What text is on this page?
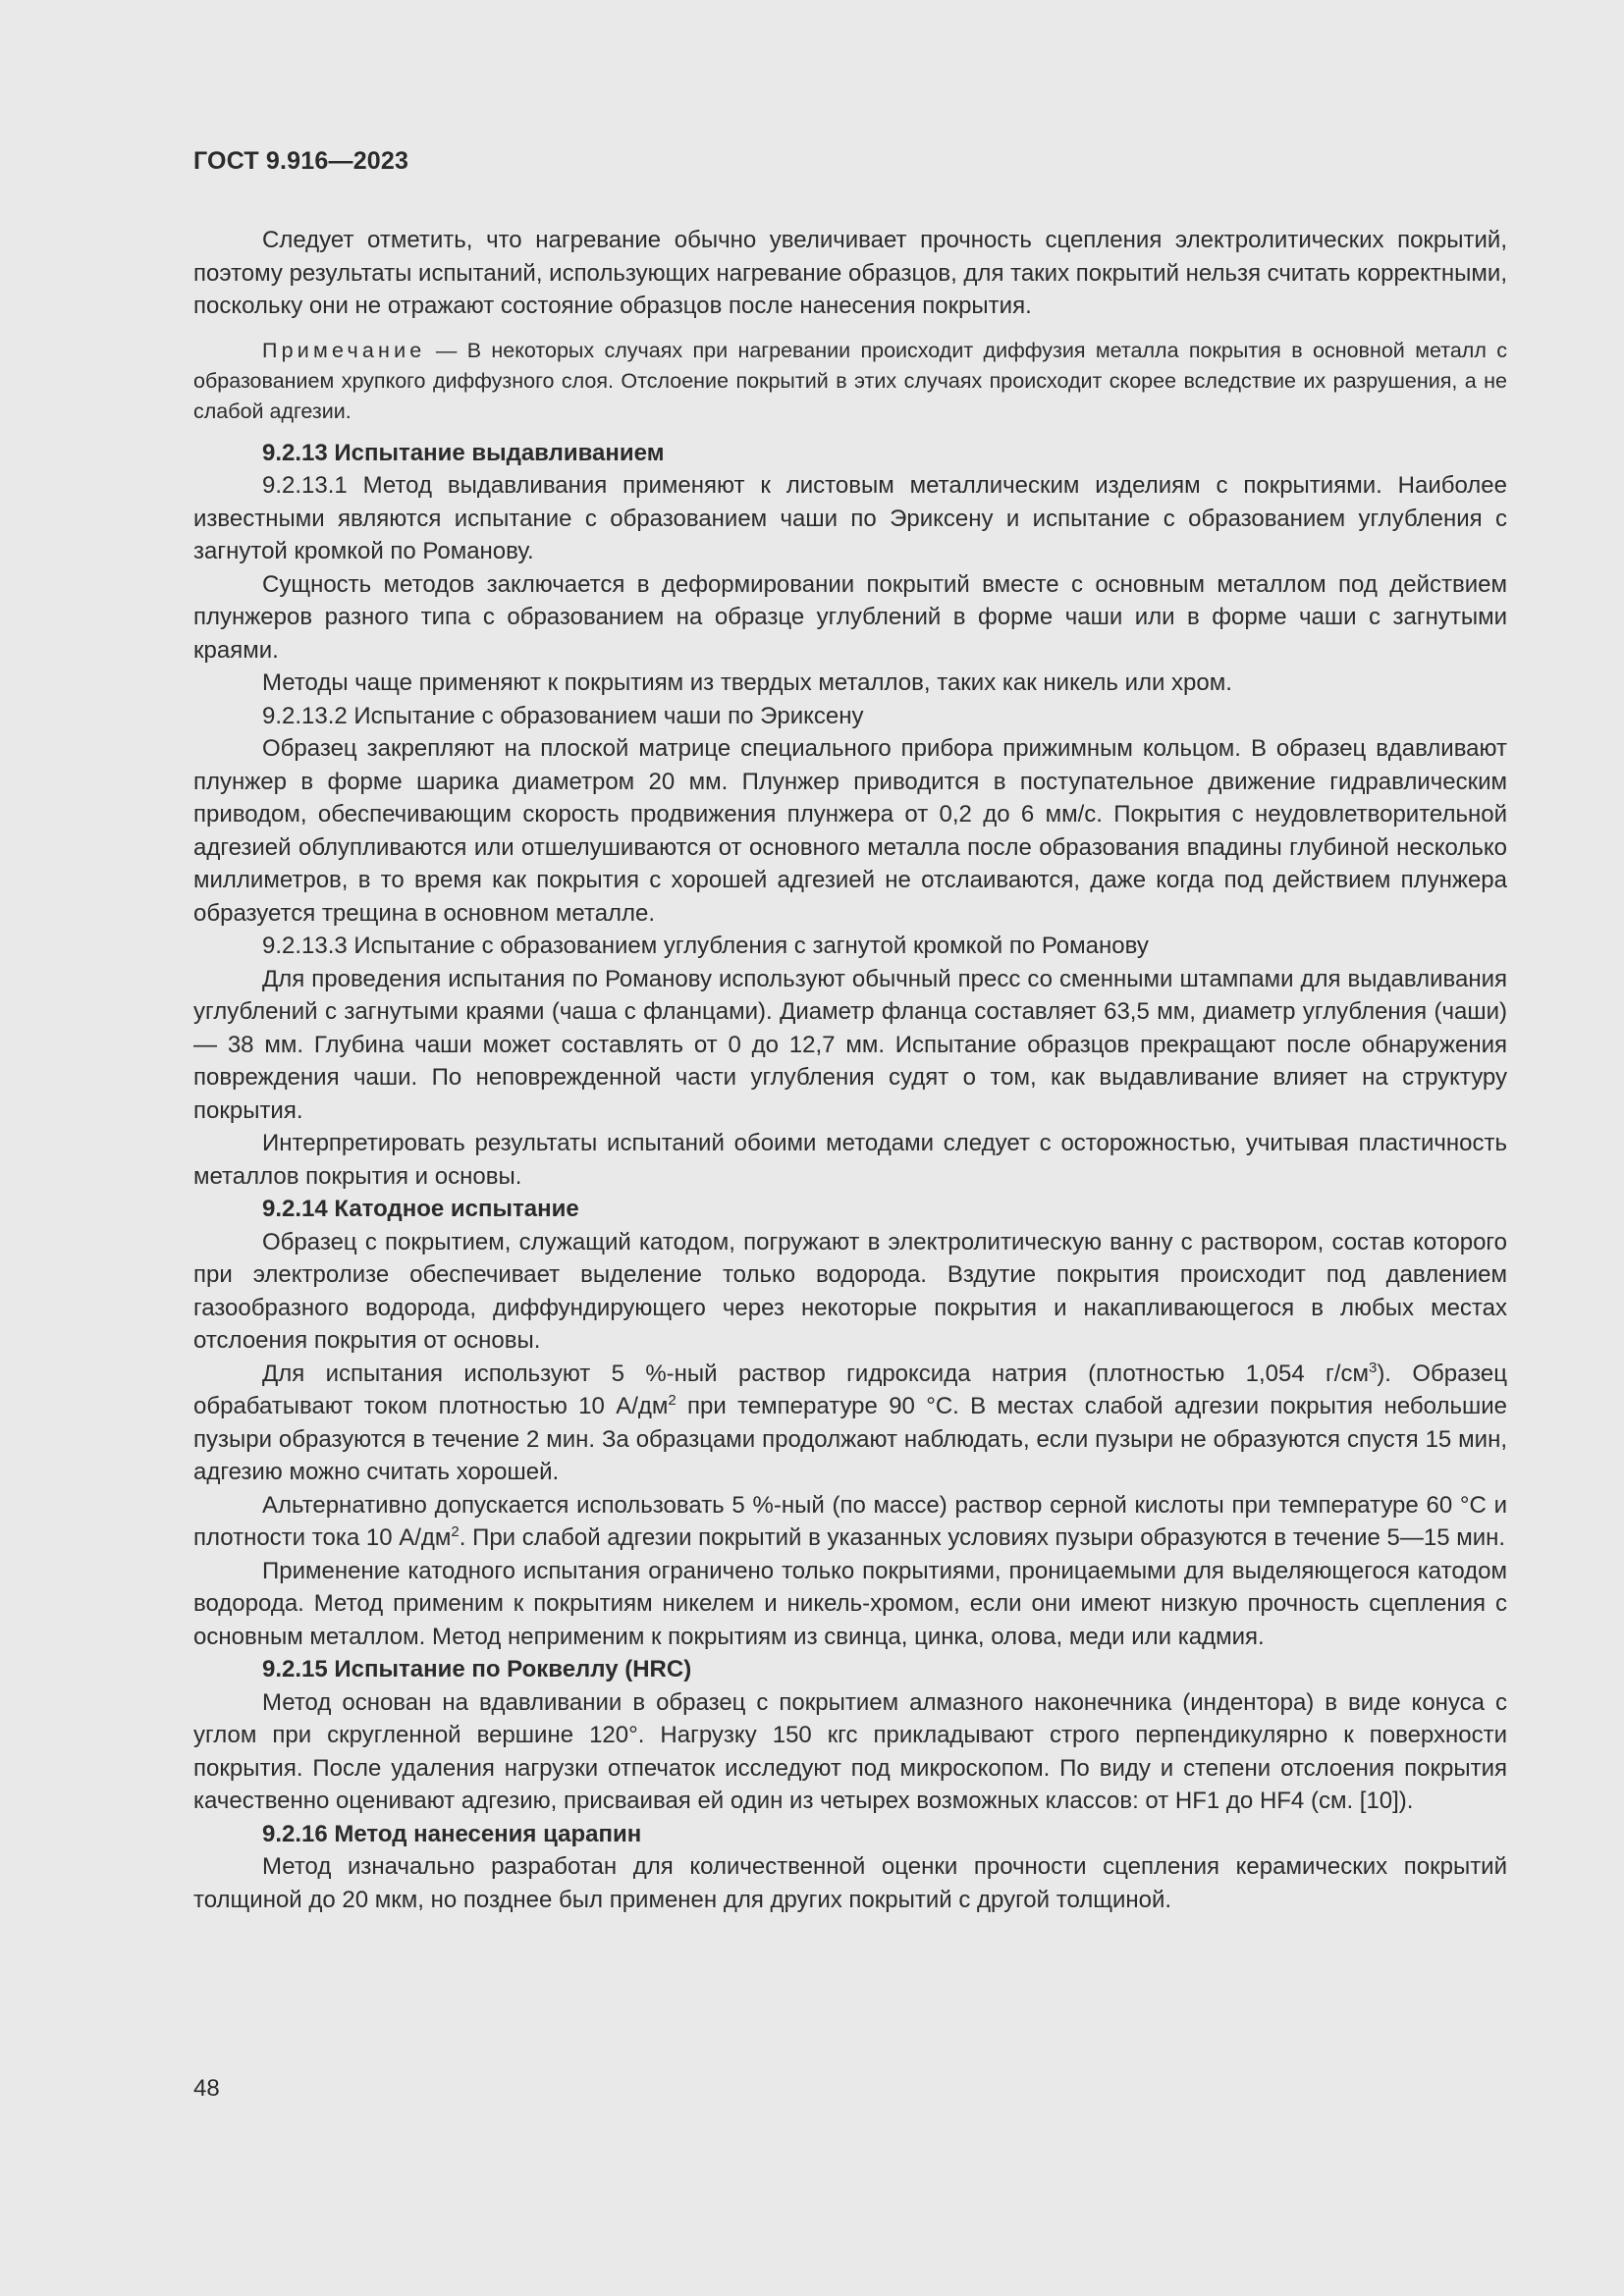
ГОСТ 9.916—2023

Следует отметить, что нагревание обычно увеличивает прочность сцепления электролитических покрытий, поэтому результаты испытаний, использующих нагревание образцов, для таких покрытий нельзя считать корректными, поскольку они не отражают состояние образцов после нанесения покрытия.

Примечание — В некоторых случаях при нагревании происходит диффузия металла покрытия в основной металл с образованием хрупкого диффузного слоя. Отслоение покрытий в этих случаях происходит скорее вследствие их разрушения, а не слабой адгезии.

9.2.13 Испытание выдавливанием

9.2.13.1 Метод выдавливания применяют к листовым металлическим изделиям с покрытиями. Наиболее известными являются испытание с образованием чаши по Эриксену и испытание с образованием углубления с загнутой кромкой по Романову.

Сущность методов заключается в деформировании покрытий вместе с основным металлом под действием плунжеров разного типа с образованием на образце углублений в форме чаши или в форме чаши с загнутыми краями.

Методы чаще применяют к покрытиям из твердых металлов, таких как никель или хром.

9.2.13.2 Испытание с образованием чаши по Эриксену

Образец закрепляют на плоской матрице специального прибора прижимным кольцом. В образец вдавливают плунжер в форме шарика диаметром 20 мм. Плунжер приводится в поступательное движение гидравлическим приводом, обеспечивающим скорость продвижения плунжера от 0,2 до 6 мм/с. Покрытия с неудовлетворительной адгезией облупливаются или отшелушиваются от основного металла после образования впадины глубиной несколько миллиметров, в то время как покрытия с хорошей адгезией не отслаиваются, даже когда под действием плунжера образуется трещина в основном металле.

9.2.13.3 Испытание с образованием углубления с загнутой кромкой по Романову

Для проведения испытания по Романову используют обычный пресс со сменными штампами для выдавливания углублений с загнутыми краями (чаша с фланцами). Диаметр фланца составляет 63,5 мм, диаметр углубления (чаши) — 38 мм. Глубина чаши может составлять от 0 до 12,7 мм. Испытание образцов прекращают после обнаружения повреждения чаши. По неповрежденной части углубления судят о том, как выдавливание влияет на структуру покрытия.

Интерпретировать результаты испытаний обоими методами следует с осторожностью, учитывая пластичность металлов покрытия и основы.

9.2.14 Катодное испытание

Образец с покрытием, служащий катодом, погружают в электролитическую ванну с раствором, состав которого при электролизе обеспечивает выделение только водорода. Вздутие покрытия происходит под давлением газообразного водорода, диффундирующего через некоторые покрытия и накапливающегося в любых местах отслоения покрытия от основы.

Для испытания используют 5 %-ный раствор гидроксида натрия (плотностью 1,054 $г/см^3$). Образец обрабатывают током плотностью 10 $А/дм^2$ при температуре 90 °С. В местах слабой адгезии покрытия небольшие пузыри образуются в течение 2 мин. За образцами продолжают наблюдать, если пузыри не образуются спустя 15 мин, адгезию можно считать хорошей.

Альтернативно допускается использовать 5 %-ный (по массе) раствор серной кислоты при температуре 60 °С и плотности тока 10 $А/дм^2$. При слабой адгезии покрытий в указанных условиях пузыри образуются в течение 5—15 мин.

Применение катодного испытания ограничено только покрытиями, проницаемыми для выделяющегося катодом водорода. Метод применим к покрытиям никелем и никель-хромом, если они имеют низкую прочность сцепления с основным металлом. Метод неприменим к покрытиям из свинца, цинка, олова, меди или кадмия.

9.2.15 Испытание по Роквеллу (HRC)

Метод основан на вдавливании в образец с покрытием алмазного наконечника (индентора) в виде конуса с углом при скругленной вершине 120°. Нагрузку 150 кгс прикладывают строго перпендикулярно к поверхности покрытия. После удаления нагрузки отпечаток исследуют под микроскопом. По виду и степени отслоения покрытия качественно оценивают адгезию, присваивая ей один из четырех возможных классов: от HF1 до HF4 (см. [10]).

9.2.16 Метод нанесения царапин

Метод изначально разработан для количественной оценки прочности сцепления керамических покрытий толщиной до 20 мкм, но позднее был применен для других покрытий с другой толщиной.

48
